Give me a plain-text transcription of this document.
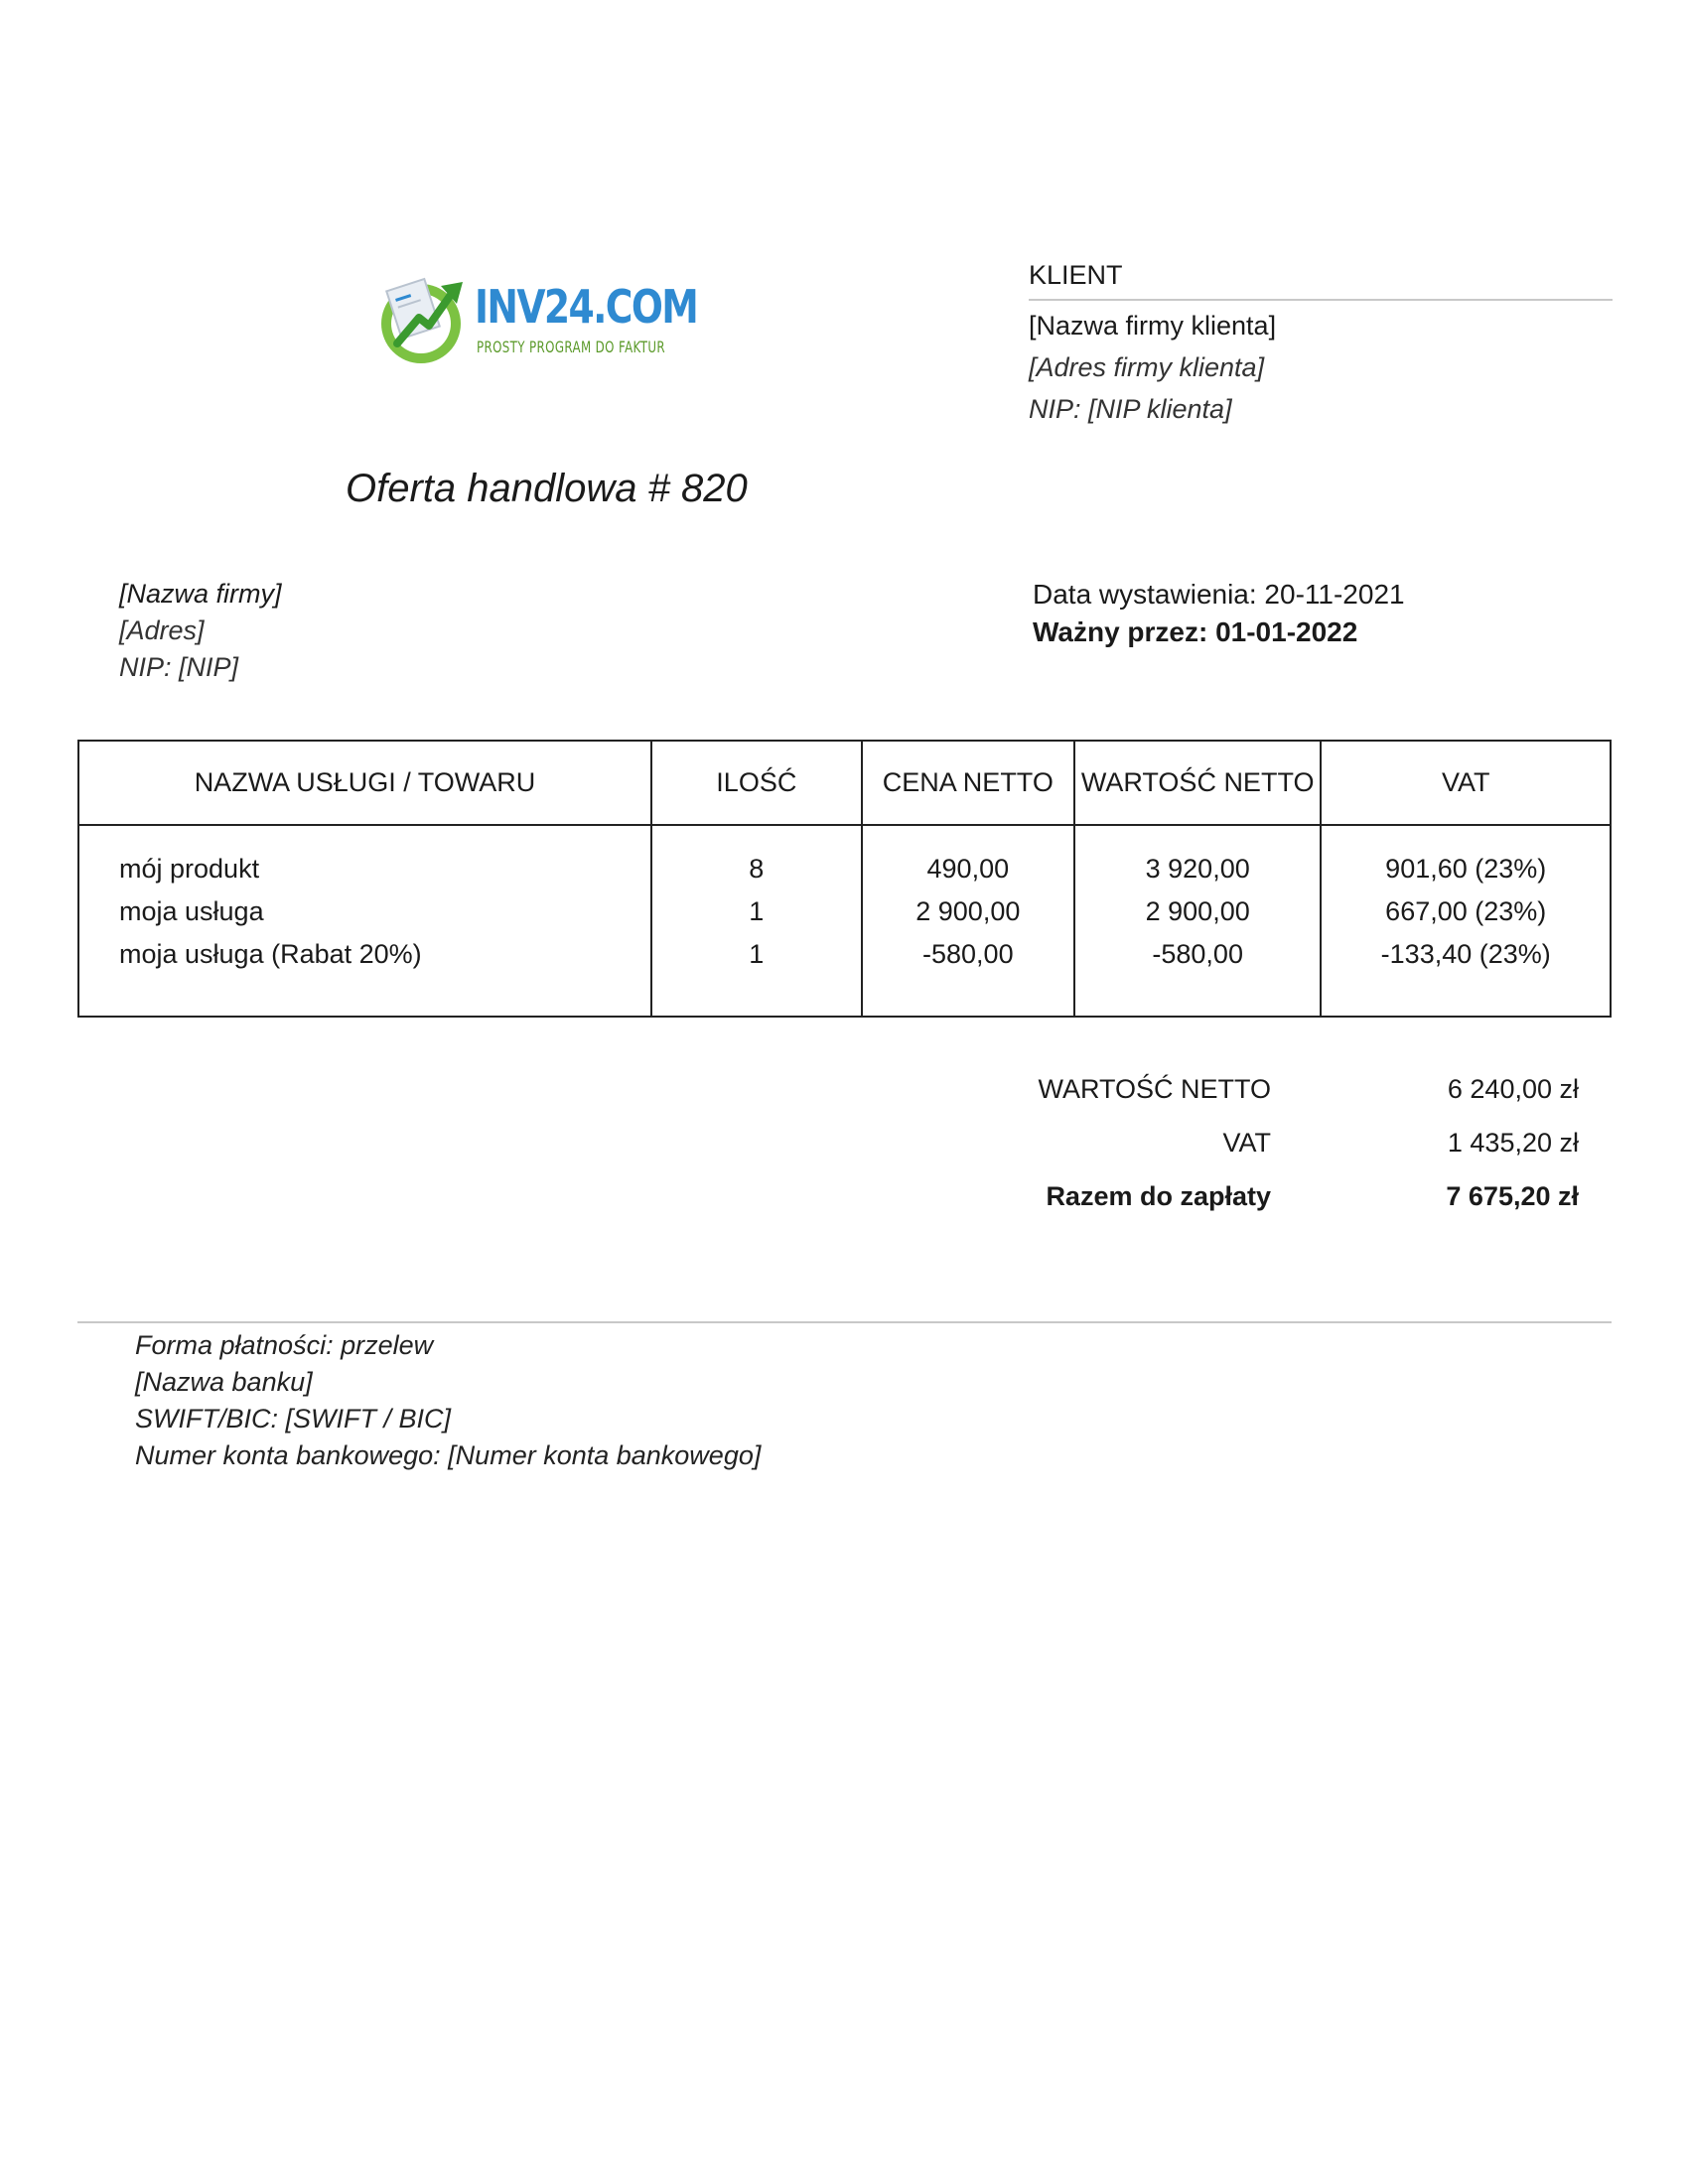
INV24.COM
PROSTY PROGRAM DO FAKTUR
KLIENT
[Nazwa firmy klienta]
[Adres firmy klienta]
NIP: [NIP klienta]
Oferta handlowa # 820
[Nazwa firmy]
[Adres]
NIP: [NIP]
Data wystawienia: 20-11-2021
Ważny przez: 01-01-2022
NAZWA USŁUGI / TOWARU	ILOŚĆ	CENA NETTO	WARTOŚĆ NETTO	VAT
mój produkt	8	490,00	3 920,00	901,60 (23%)
moja usługa	1	2 900,00	2 900,00	667,00 (23%)
moja usługa (Rabat 20%)	1	-580,00	-580,00	-133,40 (23%)

WARTOŚĆ NETTO	6 240,00 zł
VAT	1 435,20 zł
Razem do zapłaty	7 675,20 zł
Forma płatności: przelew
[Nazwa banku]
SWIFT/BIC: [SWIFT / BIC]
Numer konta bankowego: [Numer konta bankowego]
